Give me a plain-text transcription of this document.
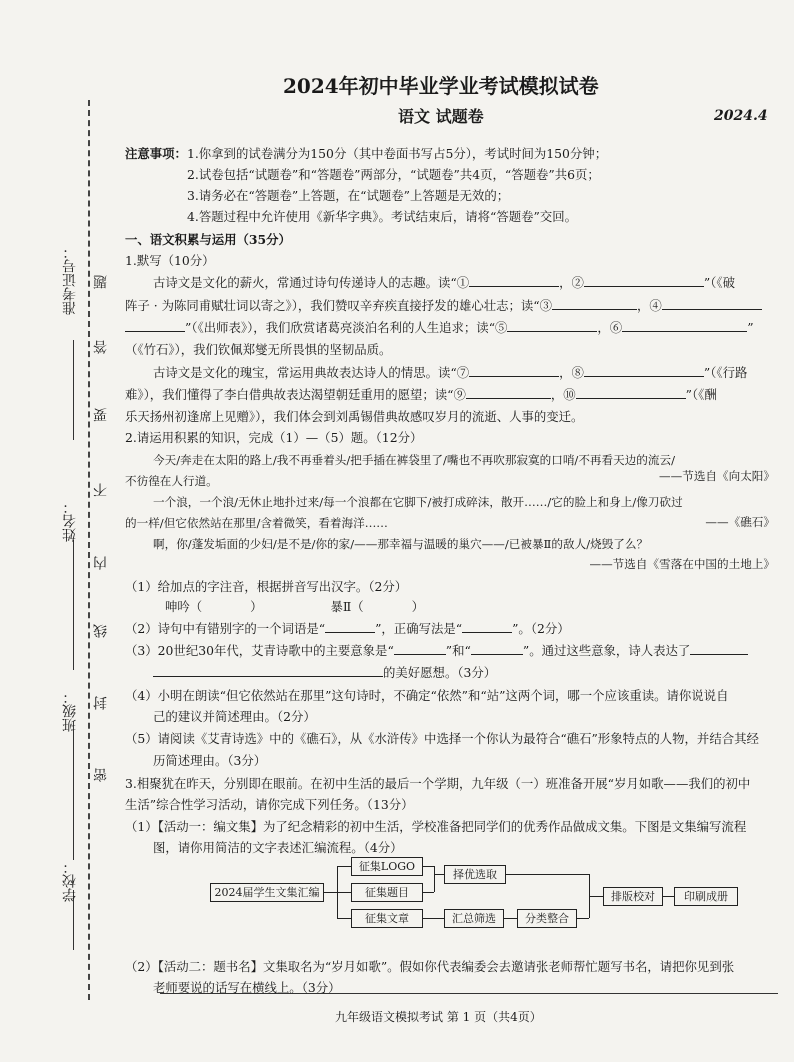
2024年初中毕业学业考试模拟试卷
语文 试题卷	2024.4
准考证号：
姓名：
班级：
学校：
题
答
要
不
内
线
封
密
注意事项：1.你拿到的试卷满分为150分（其中卷面书写占5分），考试时间为150分钟；
2.试卷包括“试题卷”和“答题卷”两部分，“试题卷”共4页，“答题卷”共6页；
3.请务必在“答题卷”上答题，在“试题卷”上答题是无效的；
4.答题过程中允许使用《新华字典》。考试结束后，请将“答题卷”交回。
一、语文积累与运用（35分）
1.默写（10分）
古诗文是文化的薪火，常通过诗句传递诗人的志趣。读“①	，②	”（《破
阵子 · 为陈同甫赋壮词以寄之》），我们赞叹辛弃疾直接抒发的雄心壮志；读“③	，④
”（《出师表》），我们欣赏诸葛亮淡泊名利的人生追求；读“⑤	，⑥	”
（《竹石》），我们钦佩郑燮无所畏惧的坚韧品质。
古诗文是文化的瑰宝，常运用典故表达诗人的情思。读“⑦	，⑧	”（《行路
难》），我们懂得了李白借典故表达渴望朝廷重用的愿望；读“⑨	，⑩	”（《酬
乐天扬州初逢席上见赠》），我们体会到刘禹锡借典故感叹岁月的流逝、人事的变迁。
2.请运用积累的知识，完成（1）—（5）题。（12分）
今天/奔走在太阳的路上/我不再垂着头/把手插在裤袋里了/嘴也不再吹那寂寞的口哨/不再看天边的流云/
不彷徨在人行道。	——节选自《向太阳》
一个浪，一个浪/无休止地扑过来/每一个浪都在它脚下/被打成碎沫，散开……/它的脸上和身上/像刀砍过
的一样/但它依然站在那里/含着微笑，看着海洋……	——《礁石》
啊，你/蓬发垢面的少妇/是不是/你的家/——那幸福与温暖的巢穴——/已被暴Ⅱ的敌人/烧毁了么？
——节选自《雪落在中国的土地上》
（1）给加点的字注音，根据拼音写出汉字。（2分）
呻吟（	）	暴Ⅱ（	）
（2）诗句中有错别字的一个词语是“	”，正确写法是“	”。（2分）
（3）20世纪30年代，艾青诗歌中的主要意象是“	”和“	”。通过这些意象，诗人表达了
的美好愿想。（3分）
（4）小明在朗读“但它依然站在那里”这句诗时，不确定“依然”和“站”这两个词，哪一个应该重读。请你说说自
己的建议并简述理由。（2分）
（5）请阅读《艾青诗选》中的《礁石》，从《水浒传》中选择一个你认为最符合“礁石”形象特点的人物，并结合其经
历简述理由。（3分）
3.相聚犹在昨天，分别即在眼前。在初中生活的最后一个学期，九年级（一）班准备开展“岁月如歌——我们的初中
生活”综合性学习活动，请你完成下列任务。（13分）
（1）【活动一：编文集】为了纪念精彩的初中生活，学校准备把同学们的优秀作品做成文集。下图是文集编写流程
图，请你用简洁的文字表述汇编流程。（4分）
（2）【活动二：题书名】文集取名为“岁月如歌”。假如你代表编委会去邀请张老师帮忙题写书名，请把你见到张
老师要说的话写在横线上。（3分）
2024届学生文集汇编
征集LOGO
征集题目
征集文章
择优选取
汇总筛选	分类整合
排版校对	印刷成册
九年级语文模拟考试 第 1 页（共4页）
